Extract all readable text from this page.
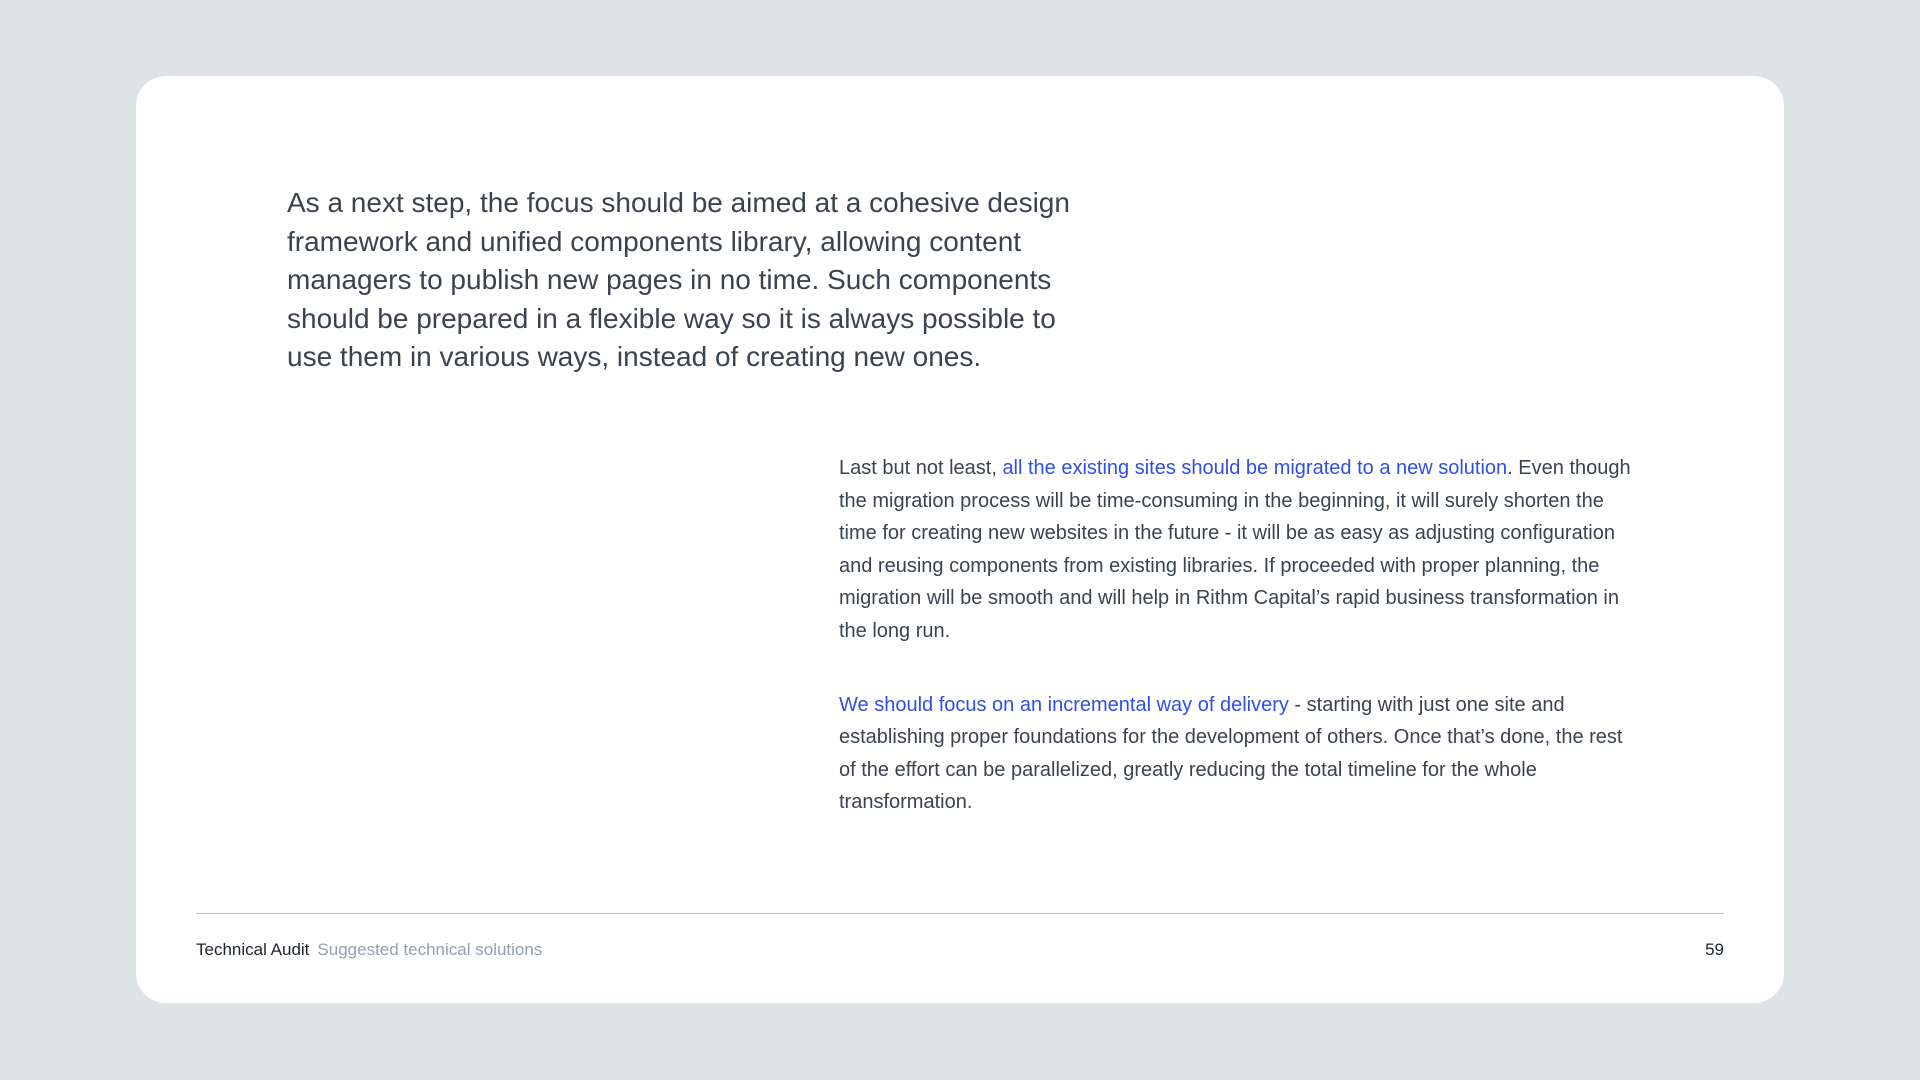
As a next step, the focus should be aimed at a cohesive design framework and unified components library, allowing content managers to publish new pages in no time. Such components should be prepared in a flexible way so it is always possible to use them in various ways, instead of creating new ones.

Last but not least, all the existing sites should be migrated to a new solution. Even though the migration process will be time-consuming in the beginning, it will surely shorten the time for creating new websites in the future - it will be as easy as adjusting configuration and reusing components from existing libraries. If proceeded with proper planning, the migration will be smooth and will help in Rithm Capital’s rapid business transformation in the long run.

We should focus on an incremental way of delivery - starting with just one site and establishing proper foundations for the development of others. Once that’s done, the rest of the effort can be parallelized, greatly reducing the total timeline for the whole transformation.

Technical Audit Suggested technical solutions	59
